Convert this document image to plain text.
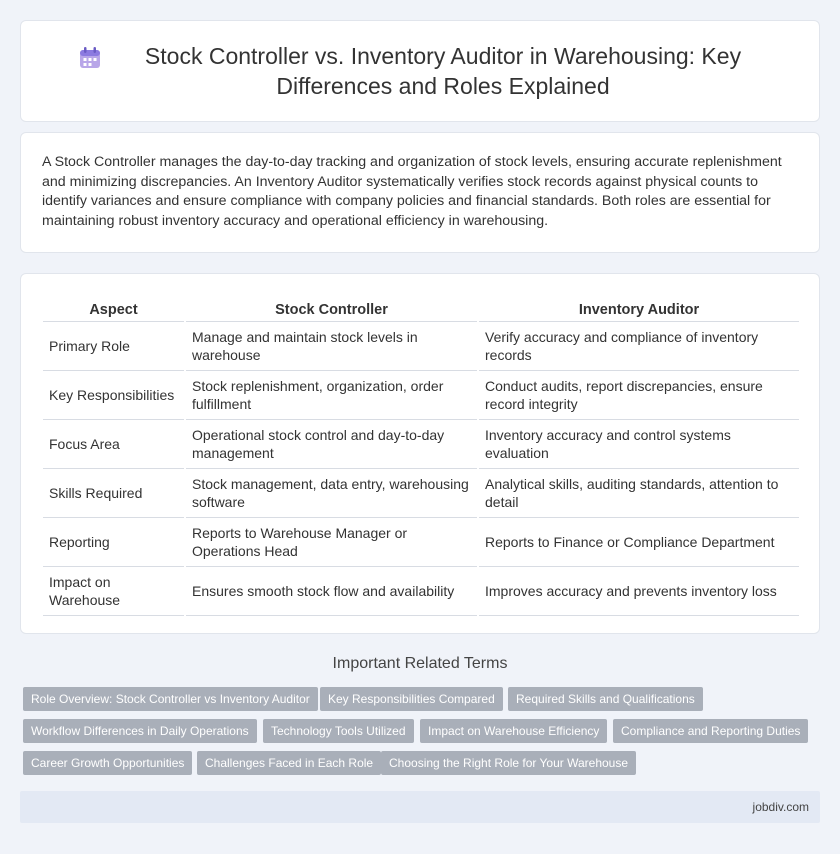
Stock Controller vs. Inventory Auditor in Warehousing: Key Differences and Roles Explained

A Stock Controller manages the day-to-day tracking and organization of stock levels, ensuring accurate replenishment and minimizing discrepancies. An Inventory Auditor systematically verifies stock records against physical counts to identify variances and ensure compliance with company policies and financial standards. Both roles are essential for maintaining robust inventory accuracy and operational efficiency in warehousing.

Aspect	Stock Controller	Inventory Auditor
Primary Role	Manage and maintain stock levels in warehouse	Verify accuracy and compliance of inventory records
Key Responsibilities	Stock replenishment, organization, order fulfillment	Conduct audits, report discrepancies, ensure record integrity
Focus Area	Operational stock control and day-to-day management	Inventory accuracy and control systems evaluation
Skills Required	Stock management, data entry, warehousing software	Analytical skills, auditing standards, attention to detail
Reporting	Reports to Warehouse Manager or Operations Head	Reports to Finance or Compliance Department
Impact on Warehouse	Ensures smooth stock flow and availability	Improves accuracy and prevents inventory loss
Important Related Terms
Role Overview: Stock Controller vs Inventory Auditor	Key Responsibilities Compared	Required Skills and Qualifications
Workflow Differences in Daily Operations	Technology Tools Utilized	Impact on Warehouse Efficiency	Compliance and Reporting Duties
Career Growth Opportunities	Challenges Faced in Each Role	Choosing the Right Role for Your Warehouse
jobdiv.com
